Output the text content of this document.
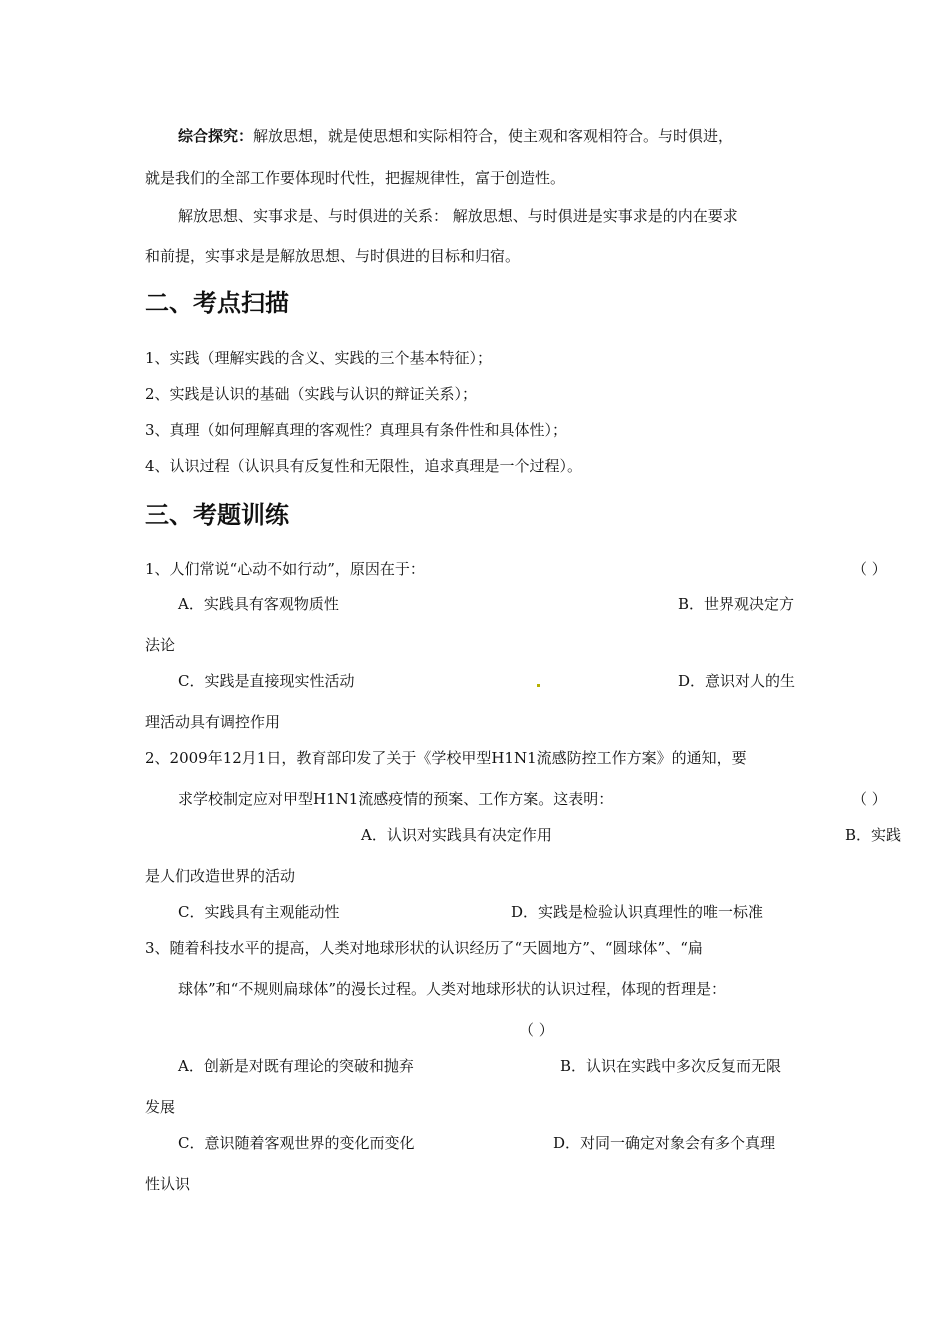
综合探究：解放思想，就是使思想和实际相符合，使主观和客观相符合。与时俱进，
就是我们的全部工作要体现时代性，把握规律性，富于创造性。
解放思想、实事求是、与时俱进的关系： 解放思想、与时俱进是实事求是的内在要求
和前提，实事求是是解放思想、与时俱进的目标和归宿。
二、考点扫描
1、实践（理解实践的含义、实践的三个基本特征）；
2、实践是认识的基础（实践与认识的辩证关系）；
3、真理（如何理解真理的客观性？真理具有条件性和具体性）；
4、认识过程（认识具有反复性和无限性，追求真理是一个过程）。
三、考题训练
1、人们常说“心动不如行动”，原因在于：	（ ）
A．实践具有客观物质性	B．世界观决定方
法论
C．实践是直接现实性活动	D．意识对人的生
理活动具有调控作用
2、2009年12月1日，教育部印发了关于《学校甲型H1N1流感防控工作方案》的通知，要
求学校制定应对甲型H1N1流感疫情的预案、工作方案。这表明：	（ ）
A．认识对实践具有决定作用	B．实践
是人们改造世界的活动
C．实践具有主观能动性	D．实践是检验认识真理性的唯一标准
3、随着科技水平的提高，人类对地球形状的认识经历了“天圆地方”、“圆球体”、“扁
球体”和“不规则扁球体”的漫长过程。人类对地球形状的认识过程，体现的哲理是：
（ ）
A．创新是对既有理论的突破和抛弃	B．认识在实践中多次反复而无限
发展
C．意识随着客观世界的变化而变化	D．对同一确定对象会有多个真理
性认识
